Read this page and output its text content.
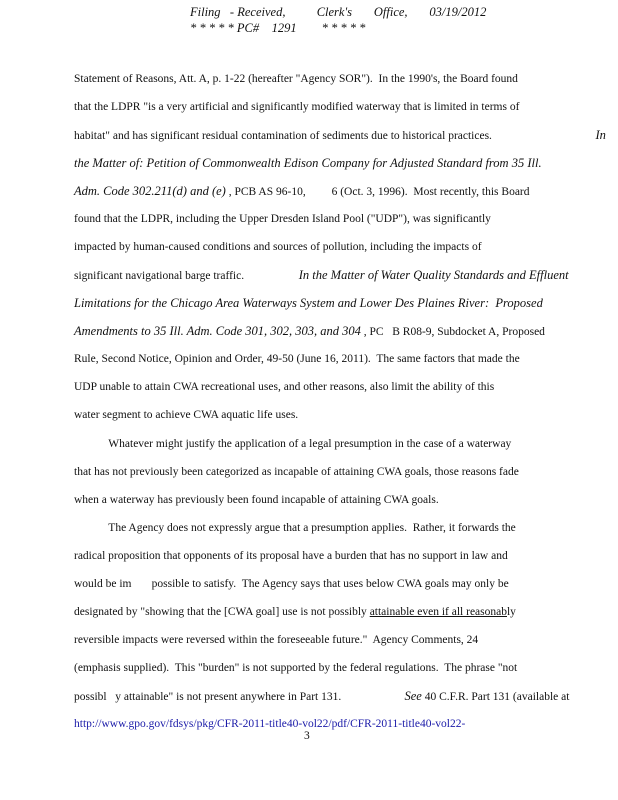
Filing   - Received,          Clerk's       Office,       03/19/2012
* * * * * PC#    1291        * * * * *
Statement of Reasons, Att. A, p. 1-22 (hereafter "Agency SOR").  In the 1990's, the Board found
that the LDPR "is a very artificial and significantly modified waterway that is limited in terms of
habitat" and has significant residual contamination of sediments due to historical practices.	In
the Matter of: Petition of Commonwealth Edison Company for Adjusted Standard from 35 Ill.
Adm. Code 302.211(d) and (e) , PCB AS 96-10,         6 (Oct. 3, 1996).  Most recently, this Board
found that the LDPR, including the Upper Dresden Island Pool ("UDP"), was significantly
impacted by human-caused conditions and sources of pollution, including the impacts of
significant navigational barge traffic.	In the Matter of Water Quality Standards and Effluent
Limitations for the Chicago Area Waterways System and Lower Des Plaines River:  Proposed
Amendments to 35 Ill. Adm. Code 301, 302, 303, and 304 , PC   B R08-9, Subdocket A, Proposed
Rule, Second Notice, Opinion and Order, 49-50 (June 16, 2011).  The same factors that made the
UDP unable to attain CWA recreational uses, and other reasons, also limit the ability of this
water segment to achieve CWA aquatic life uses.
Whatever might justify the application of a legal presumption in the case of a waterway
that has not previously been categorized as incapable of attaining CWA goals, those reasons fade
when a waterway has previously been found incapable of attaining CWA goals.
The Agency does not expressly argue that a presumption applies.  Rather, it forwards the
radical proposition that opponents of its proposal have a burden that has no support in law and
would be im       possible to satisfy.  The Agency says that uses below CWA goals may only be
designated by "showing that the [CWA goal] use is not possibly attainable even if all reasonably
reversible impacts were reversed within the foreseeable future."  Agency Comments, 24
(emphasis supplied).  This "burden" is not supported by the federal regulations.  The phrase "not
possibl   y attainable" is not present anywhere in Part 131.	See 40 C.F.R. Part 131 (available at
http://www.gpo.gov/fdsys/pkg/CFR-2011-title40-vol22/pdf/CFR-2011-title40-vol22-
3
